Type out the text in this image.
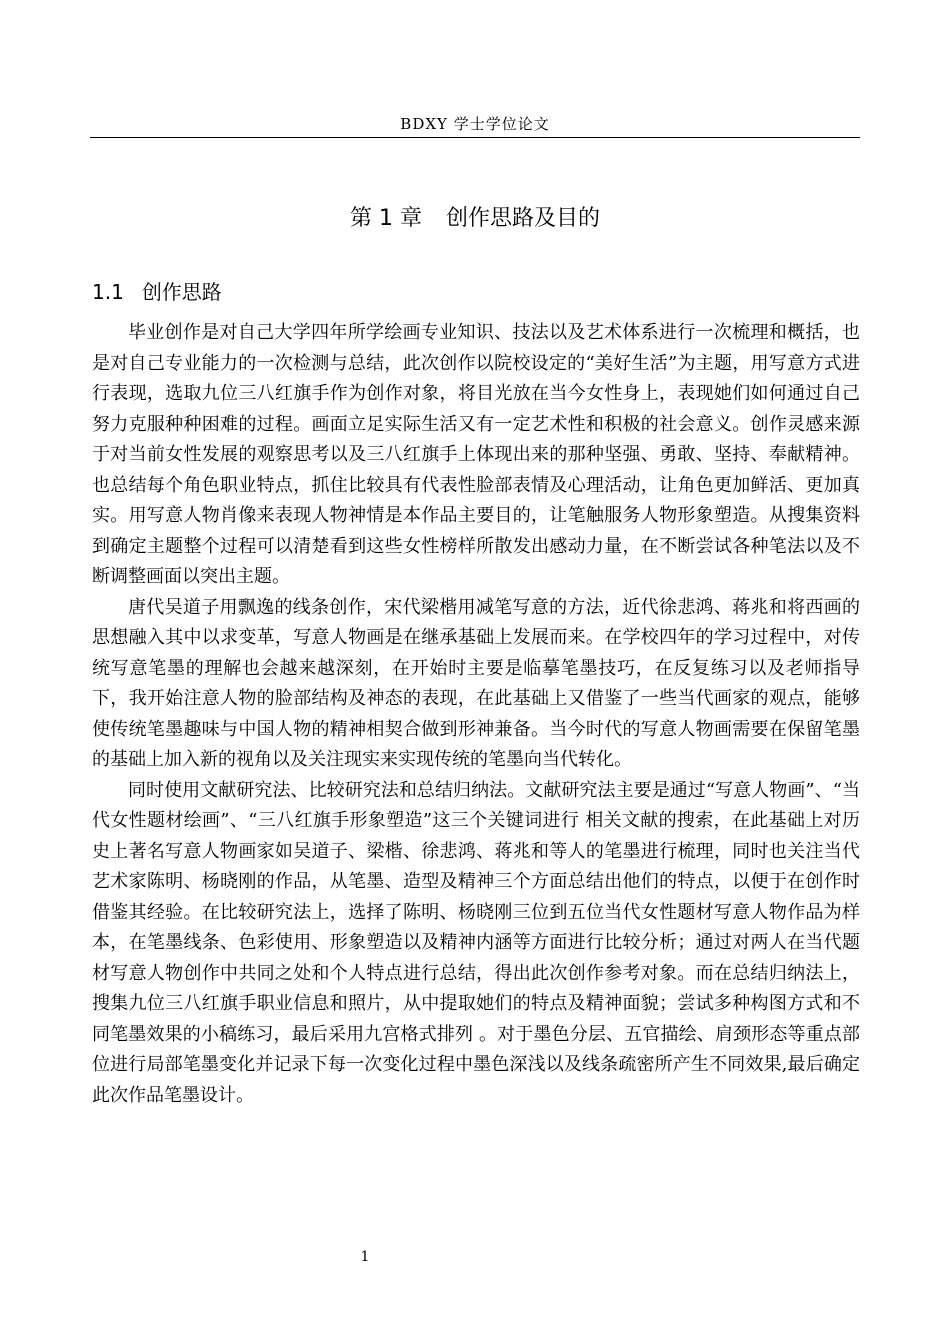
BDXY 学士学位论文
第 1 章 创作思路及目的
1.1 创作思路

毕业创作是对自己大学四年所学绘画专业知识、技法以及艺术体系进行一次梳理和概括，也是对自己专业能力的一次检测与总结，此次创作以院校设定的“美好生活”为主题，用写意方式进行表现，选取九位三八红旗手作为创作对象，将目光放在当今女性身上，表现她们如何通过自己努力克服种种困难的过程。画面立足实际生活又有一定艺术性和积极的社会意义。创作灵感来源于对当前女性发展的观察思考以及三八红旗手上体现出来的那种坚强、勇敢、坚持、奉献精神。也总结每个角色职业特点，抓住比较具有代表性脸部表情及心理活动，让角色更加鲜活、更加真实。用写意人物肖像来表现人物神情是本作品主要目的，让笔触服务人物形象塑造。从搜集资料到确定主题整个过程可以清楚看到这些女性榜样所散发出感动力量，在不断尝试各种笔法以及不断调整画面以突出主题。

唐代吴道子用飘逸的线条创作，宋代梁楷用减笔写意的方法，近代徐悲鸿、蒋兆和将西画的思想融入其中以求变革，写意人物画是在继承基础上发展而来。在学校四年的学习过程中，对传统写意笔墨的理解也会越来越深刻，在开始时主要是临摹笔墨技巧，在反复练习以及老师指导下，我开始注意人物的脸部结构及神态的表现，在此基础上又借鉴了一些当代画家的观点，能够使传统笔墨趣味与中国人物的精神相契合做到形神兼备。当今时代的写意人物画需要在保留笔墨的基础上加入新的视角以及关注现实来实现传统的笔墨向当代转化。

同时使用文献研究法、比较研究法和总结归纳法。文献研究法主要是通过“写意人物画”、“当代女性题材绘画”、“三八红旗手形象塑造”这三个关键词进行 相关文献的搜索，在此基础上对历史上著名写意人物画家如吴道子、梁楷、徐悲鸿、蒋兆和等人的笔墨进行梳理，同时也关注当代艺术家陈明、杨晓刚的作品，从笔墨、造型及精神三个方面总结出他们的特点，以便于在创作时借鉴其经验。在比较研究法上，选择了陈明、杨晓刚三位到五位当代女性题材写意人物作品为样本，在笔墨线条、色彩使用、形象塑造以及精神内涵等方面进行比较分析；通过对两人在当代题材写意人物创作中共同之处和个人特点进行总结，得出此次创作参考对象。而在总结归纳法上，搜集九位三八红旗手职业信息和照片，从中提取她们的特点及精神面貌；尝试多种构图方式和不同笔墨效果的小稿练习，最后采用九宫格式排列 。对于墨色分层、五官描绘、肩颈形态等重点部位进行局部笔墨变化并记录下每一次变化过程中墨色深浅以及线条疏密所产生不同效果,最后确定此次作品笔墨设计。

1
